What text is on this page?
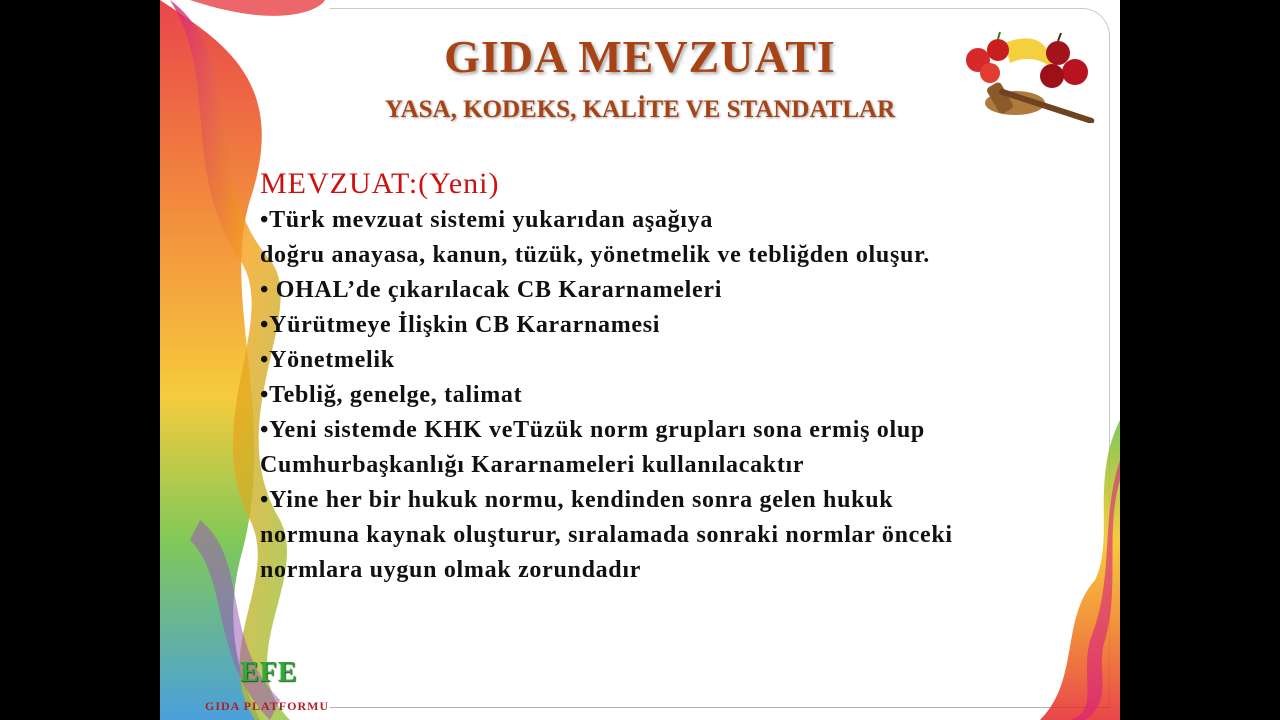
GIDA MEVZUATI
YASA, KODEKS, KALİTE VE STANDATLAR
MEVZUAT:(Yeni)
•Türk mevzuat sistemi yukarıdan aşağıya
doğru anayasa, kanun, tüzük, yönetmelik ve tebliğden oluşur.
• OHAL’de çıkarılacak CB Kararnameleri
•Yürütmeye İlişkin CB Kararnamesi
•Yönetmelik
•Tebliğ, genelge, talimat
•Yeni sistemde KHK veTüzük norm grupları sona ermiş olup
Cumhurbaşkanlığı Kararnameleri kullanılacaktır
•Yine her bir hukuk normu, kendinden sonra gelen hukuk
normuna kaynak oluşturur, sıralamada sonraki normlar önceki
normlara uygun olmak zorundadır
EFE
GIDA PLATFORMU
